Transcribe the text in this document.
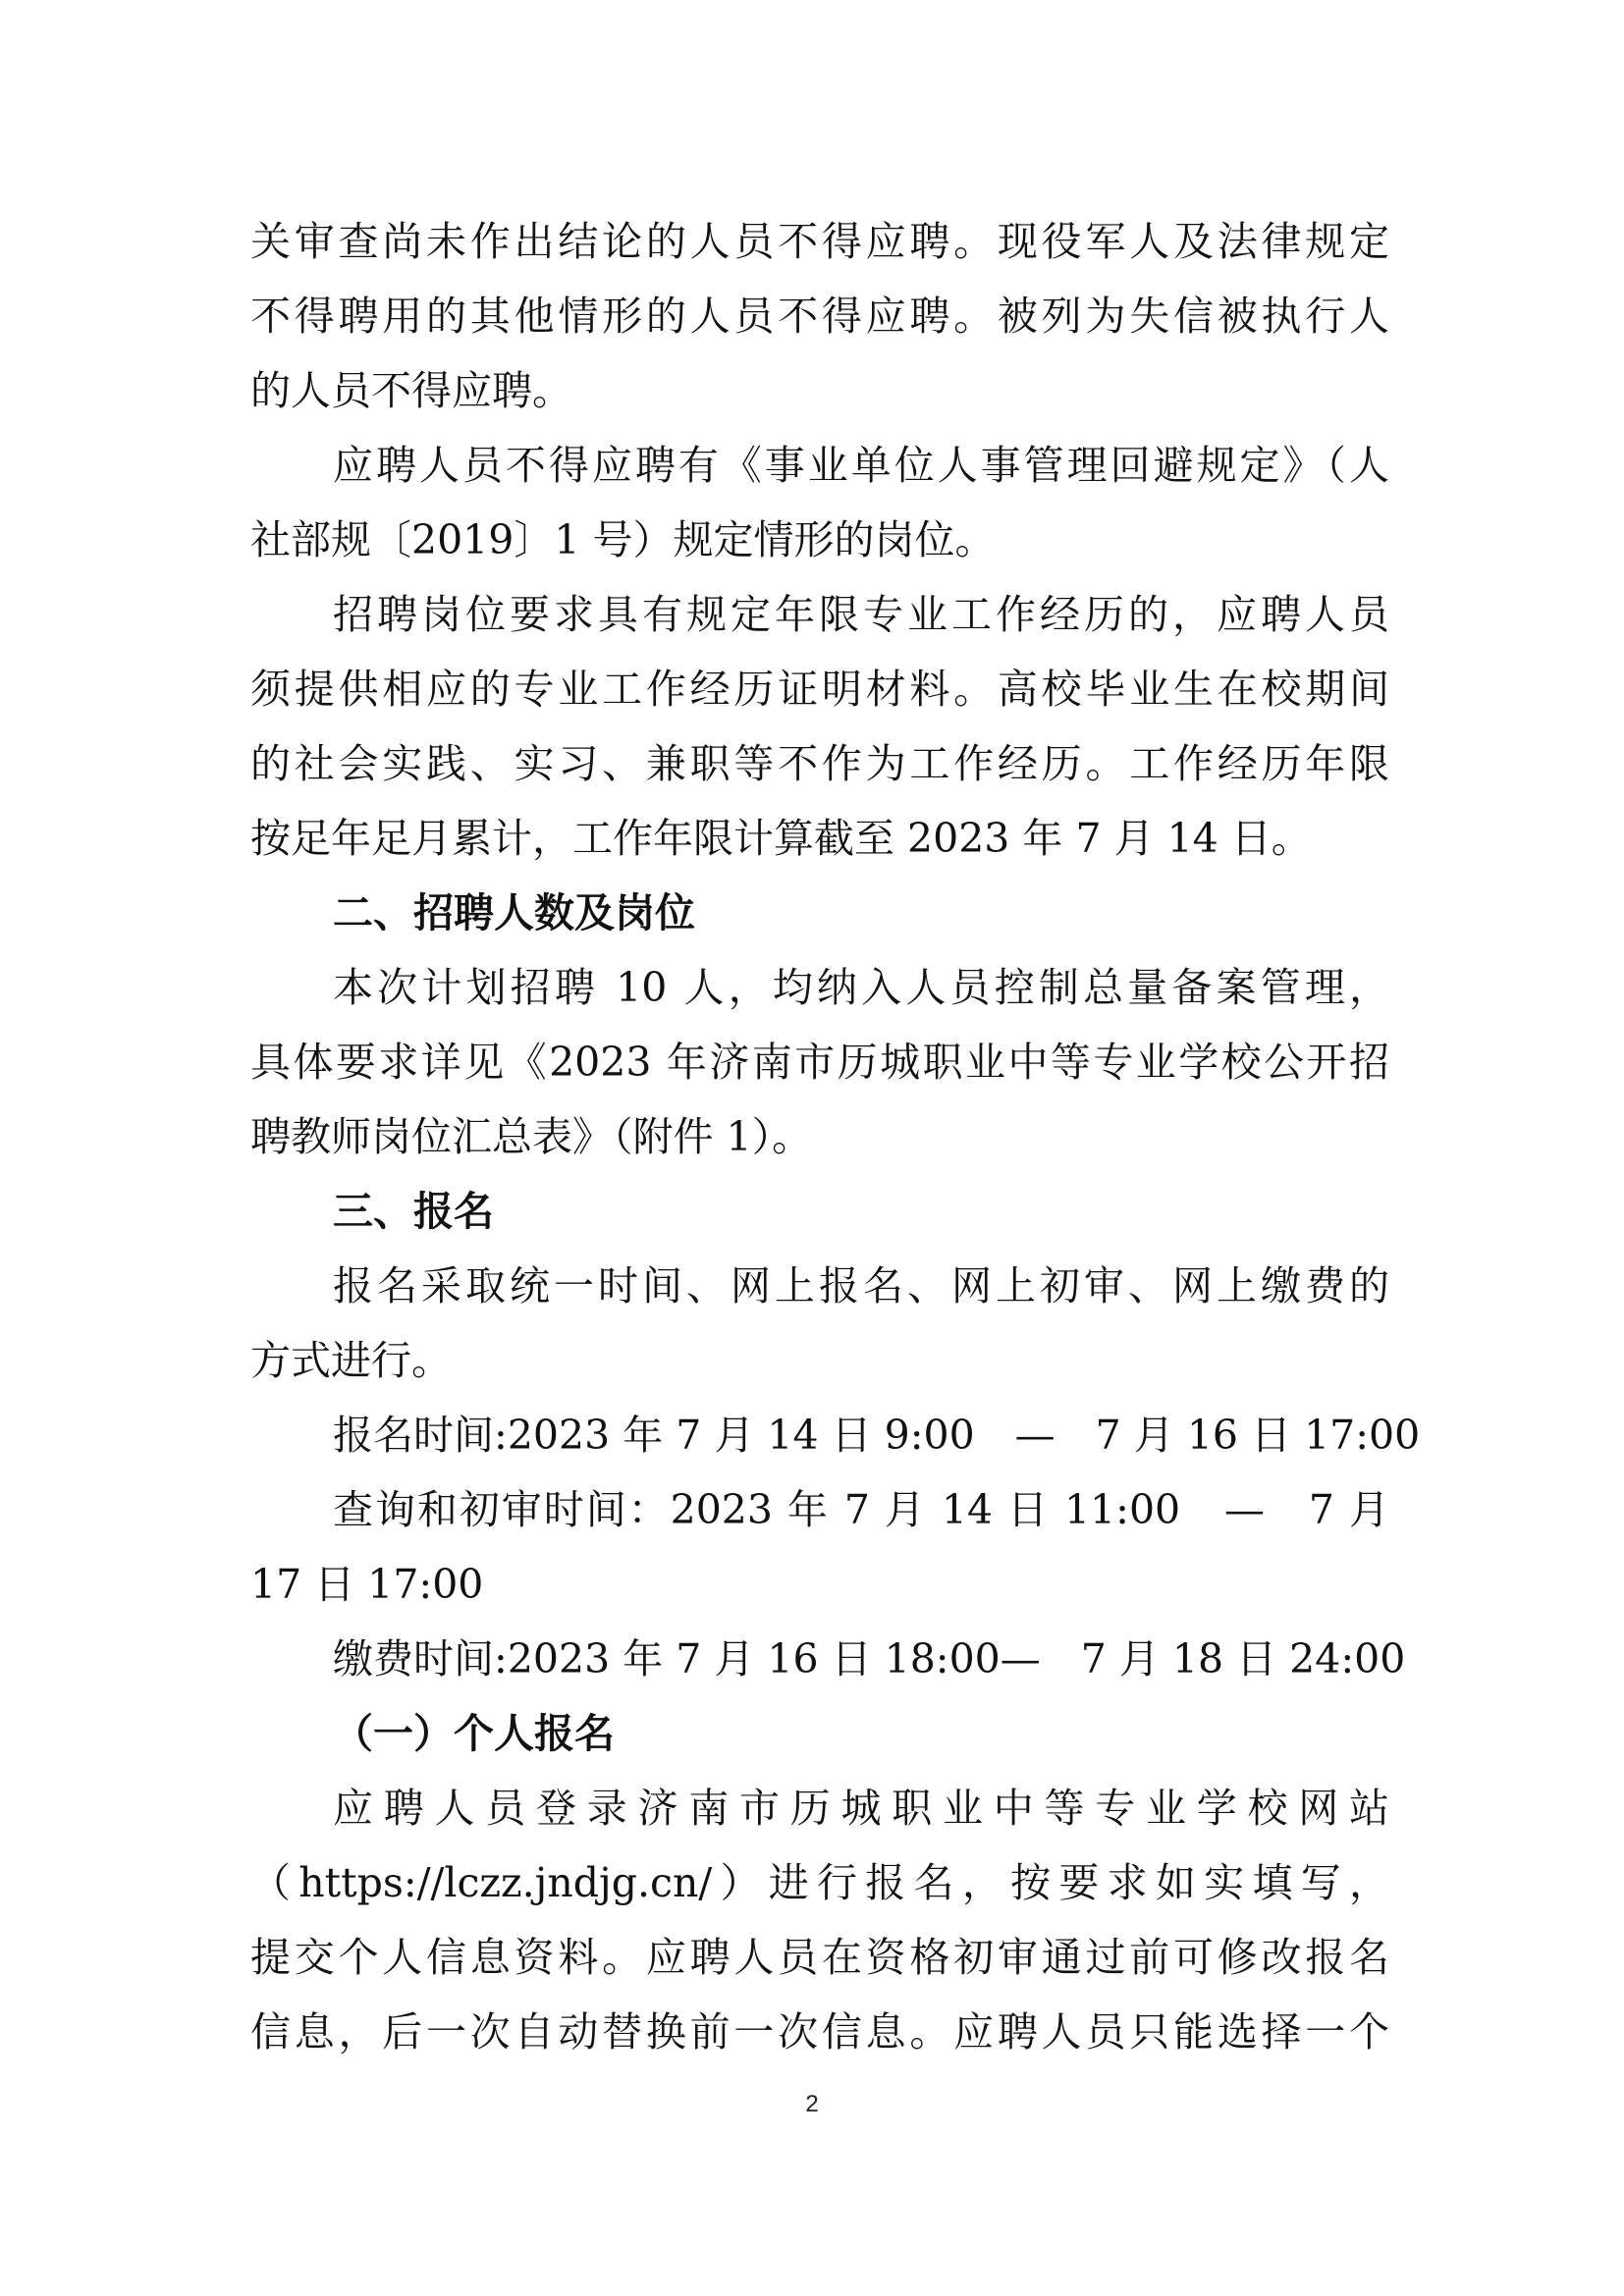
关审查尚未作出结论的人员不得应聘。现役军人及法律规定
不得聘用的其他情形的人员不得应聘。被列为失信被执行人
的人员不得应聘。
应聘人员不得应聘有《事业单位人事管理回避规定》（人
社部规〔2019〕1 号）规定情形的岗位。
招聘岗位要求具有规定年限专业工作经历的，应聘人员
须提供相应的专业工作经历证明材料。高校毕业生在校期间
的社会实践、实习、兼职等不作为工作经历。工作经历年限
按足年足月累计，工作年限计算截至 2023 年 7 月 14 日。
二、招聘人数及岗位
本次计划招聘 10 人，均纳入人员控制总量备案管理，
具体要求详见《2023 年济南市历城职业中等专业学校公开招
聘教师岗位汇总表》（附件 1）。
三、报名
报名采取统一时间、网上报名、网上初审、网上缴费的
方式进行。
报名时间:2023 年 7 月 14 日 9:00　—　7 月 16 日 17:00
查询和初审时间：2023 年 7 月 14 日 11:00　—　7 月
17 日 17:00
缴费时间:2023 年 7 月 16 日 18:00—　7 月 18 日 24:00
（一）个人报名
应聘人员登录济南市历城职业中等专业学校网站
（https://lczz.jndjg.cn/）进行报名，按要求如实填写，
提交个人信息资料。应聘人员在资格初审通过前可修改报名
信息，后一次自动替换前一次信息。应聘人员只能选择一个
2
